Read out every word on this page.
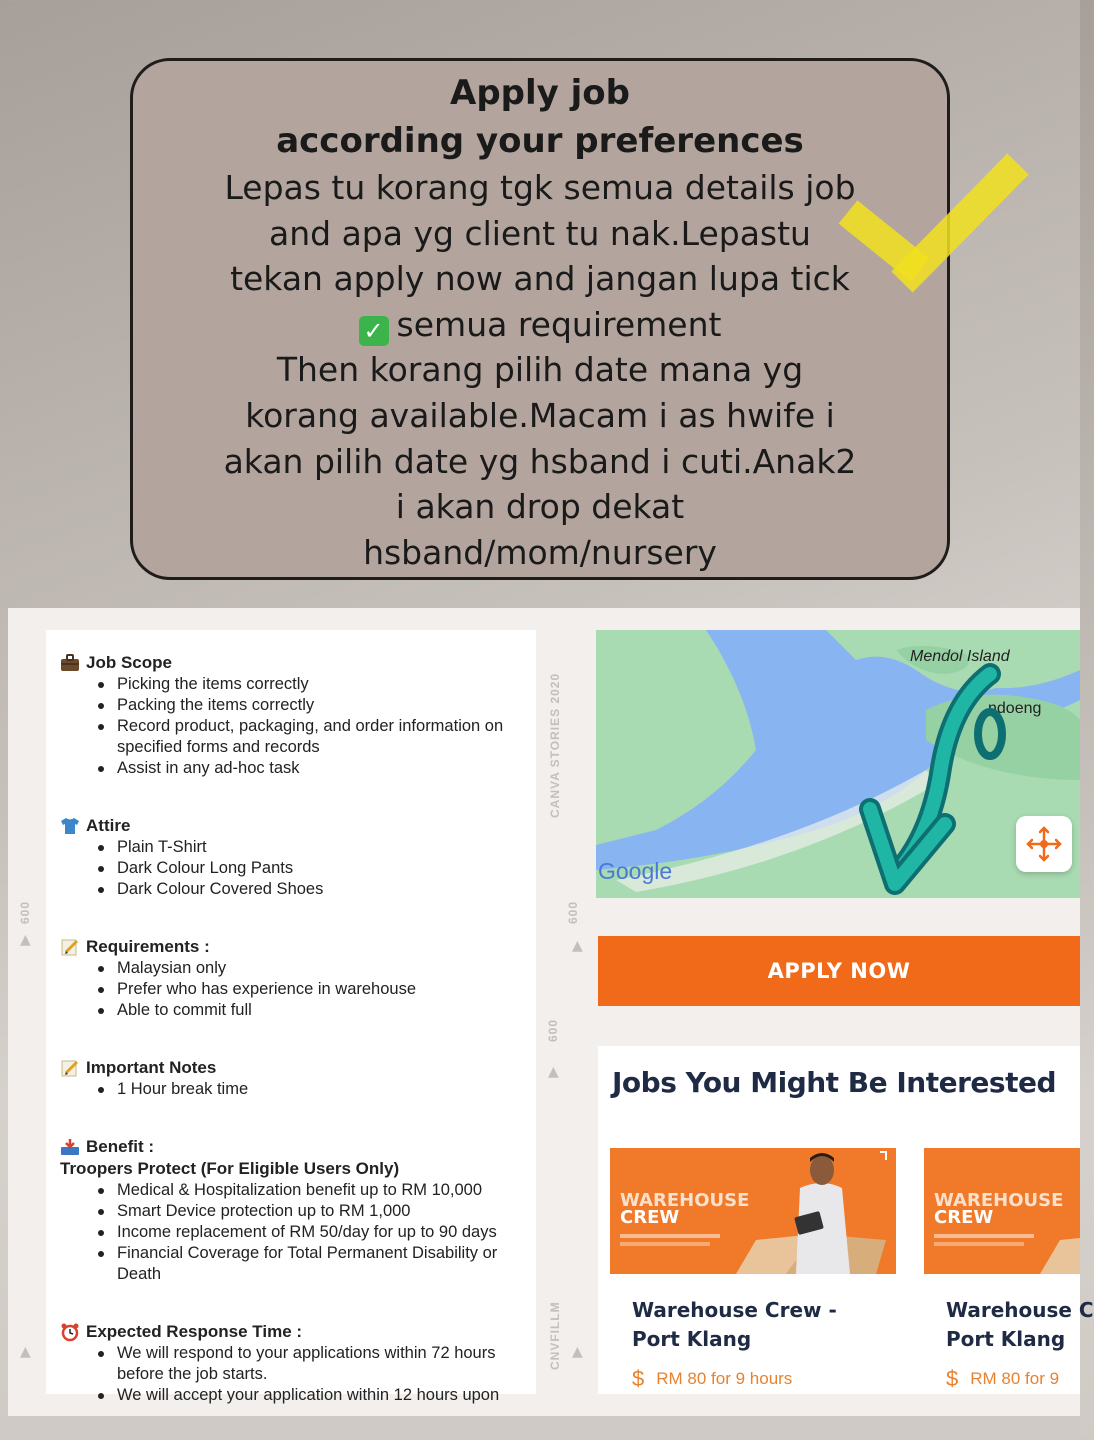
Apply job
according your preferences
Lepas tu korang tgk semua details job
and apa yg client tu nak.Lepastu
tekan apply now and jangan lupa tick
✓ semua requirement
Then korang pilih date mana yg
korang available.Macam i as hwife i
akan pilih date yg hsband i cuti.Anak2
i akan drop dekat
hsband/mom/nursery
CANVA STORIES 2020
600	600
600
CNVFILLM
▲	▲
▲
▲	▲
Job Scope
Picking the items correctly
Packing the items correctly
Record product, packaging, and order information on specified forms and records
Assist in any ad-hoc task
Attire
Plain T-Shirt
Dark Colour Long Pants
Dark Colour Covered Shoes
Requirements :
Malaysian only
Prefer who has experience in warehouse
Able to commit full
Important Notes
1 Hour break time
Benefit :
Troopers Protect (For Eligible Users Only)
Medical & Hospitalization benefit up to RM 10,000
Smart Device protection up to RM 1,000
Income replacement of RM 50/day for up to 90 days
Financial Coverage for Total Permanent Disability or Death
Expected Response Time :
We will respond to your applications within 72 hours before the job starts.
We will accept your application within 12 hours upon
Mendol Island
ndoeng
Google
APPLY NOW
Jobs You Might Be Interested
WAREHOUSE
CREW
Warehouse Crew -
Port Klang
$ RM 80 for 9 hours
WAREHOUSE
CREW
Warehouse C
Port Klang
$ RM 80 for 9
